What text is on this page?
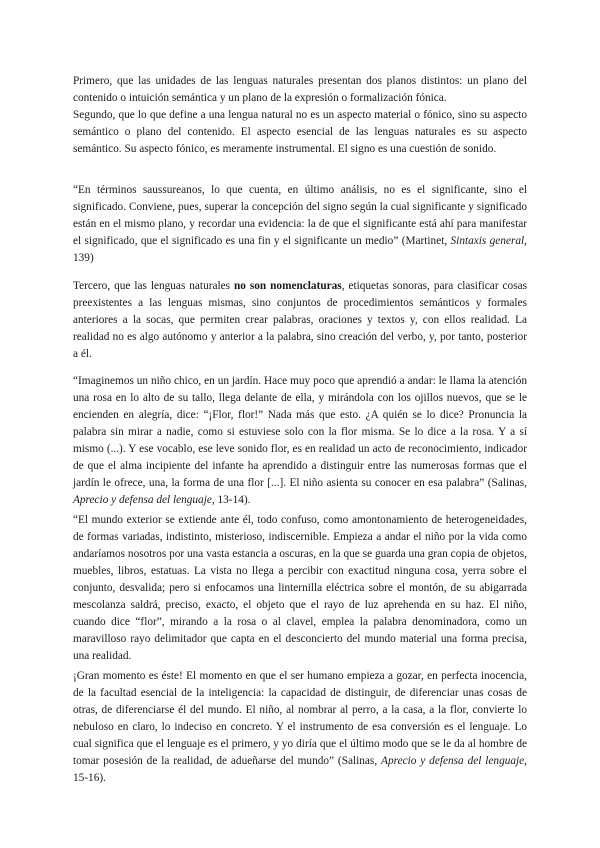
Primero, que las unidades de las lenguas naturales presentan dos planos distintos: un plano del contenido o intuición semántica y un plano de la expresión o formalización fónica.

Segundo, que lo que define a una lengua natural no es un aspecto material o fónico, sino su aspecto semántico o plano del contenido. El aspecto esencial de las lenguas naturales es su aspecto semántico. Su aspecto fónico, es meramente instrumental. El signo es una cuestión de sonido.

“En términos saussureanos, lo que cuenta, en último análisis, no es el significante, sino el significado. Conviene, pues, superar la concepción del signo según la cual significante y significado están en el mismo plano, y recordar una evidencia: la de que el significante está ahí para manifestar el significado, que el significado es una fin y el significante un medio” (Martinet, Sintaxis general, 139)

Tercero, que las lenguas naturales no son nomenclaturas, etiquetas sonoras, para clasificar cosas preexistentes a las lenguas mismas, sino conjuntos de procedimientos semánticos y formales anteriores a la socas, que permiten crear palabras, oraciones y textos y, con ellos realidad. La realidad no es algo autónomo y anterior a la palabra, sino creación del verbo, y, por tanto, posterior a él.

“Imaginemos un niño chico, en un jardín. Hace muy poco que aprendió a andar: le llama la atención una rosa en lo alto de su tallo, llega delante de ella, y mirándola con los ojillos nuevos, que se le encienden en alegría, dice: “¡Flor, flor!” Nada más que esto. ¿A quién se lo dice? Pronuncia la palabra sin mirar a nadie, como si estuviese solo con la flor misma. Se lo dice a la rosa. Y a sí mismo (...). Y ese vocablo, ese leve sonido flor, es en realidad un acto de reconocimiento, indicador de que el alma incipiente del infante ha aprendido a distinguir entre las numerosas formas que el jardín le ofrece, una, la forma de una flor [...]. El niño asienta su conocer en esa palabra” (Salinas, Aprecio y defensa del lenguaje, 13-14).

“El mundo exterior se extiende ante él, todo confuso, como amontonamiento de heterogeneidades, de formas variadas, indistinto, misterioso, indiscernible. Empieza a andar el niño por la vida como andaríamos nosotros por una vasta estancia a oscuras, en la que se guarda una gran copia de objetos, muebles, libros, estatuas. La vista no llega a percibir con exactitud ninguna cosa, yerra sobre el conjunto, desvalida; pero si enfocamos una linternilla eléctrica sobre el montón, de su abigarrada mescolanza saldrá, preciso, exacto, el objeto que el rayo de luz aprehenda en su haz. El niño, cuando dice “flor”, mirando a la rosa o al clavel, emplea la palabra denominadora, como un maravilloso rayo delimitador que capta en el desconcierto del mundo material una forma precisa, una realidad.

¡Gran momento es éste! El momento en que el ser humano empieza a gozar, en perfecta inocencia, de la facultad esencial de la inteligencia: la capacidad de distinguir, de diferenciar unas cosas de otras, de diferenciarse él del mundo. El niño, al nombrar al perro, a la casa, a la flor, convierte lo nebuloso en claro, lo indeciso en concreto. Y el instrumento de esa conversión es el lenguaje. Lo cual significa que el lenguaje es el primero, y yo diría que el último modo que se le da al hombre de tomar posesión de la realidad, de adueñarse del mundo” (Salinas, Aprecio y defensa del lenguaje, 15-16).
